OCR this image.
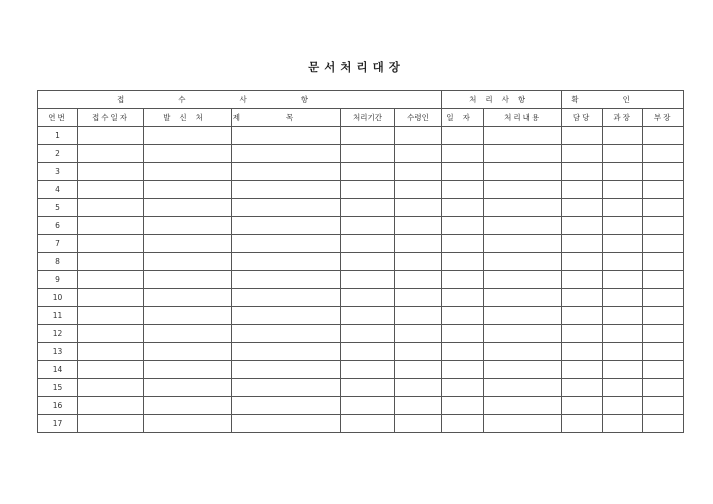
문서처리대장
접수사항						처리사항		확인		
연번	접수일자	발신처	제목	처리기간	수령인	일자	처리내용	담당	과장	부장
1										
2										
3										
4										
5										
6										
7										
8										
9										
10										
11										
12										
13										
14										
15										
16										
17										
